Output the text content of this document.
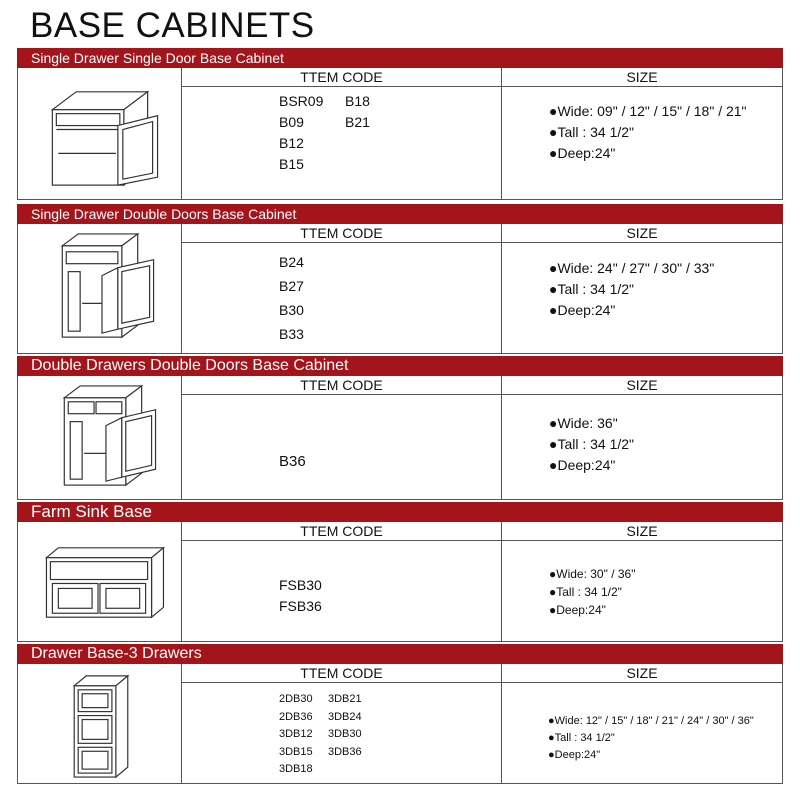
BASE CABINETS
Single Drawer Single Door Base Cabinet
TTEM CODE	SIZE
BSR09
B09
B12
B15
B18
B21
●Wide: 09" / 12" / 15" / 18" / 21"
●Tall : 34 1/2"
●Deep:24"
Single Drawer Double Doors Base Cabinet
TTEM CODE	SIZE
B24
B27
B30
B33
●Wide: 24" / 27" / 30" / 33"
●Tall : 34 1/2"
●Deep:24"
Double Drawers Double Doors Base Cabinet
TTEM CODE	SIZE
B36
●Wide: 36"
●Tall : 34 1/2"
●Deep:24"
Farm Sink Base
TTEM CODE	SIZE
FSB30
FSB36
●Wide: 30" / 36"
●Tall : 34 1/2"
●Deep:24"
Drawer Base-3 Drawers
TTEM CODE	SIZE
2DB30
2DB36
3DB12
3DB15
3DB18
3DB21
3DB24
3DB30
3DB36
●Wide: 12" / 15" / 18" / 21" / 24" / 30" / 36"
●Tall : 34 1/2"
●Deep:24"
